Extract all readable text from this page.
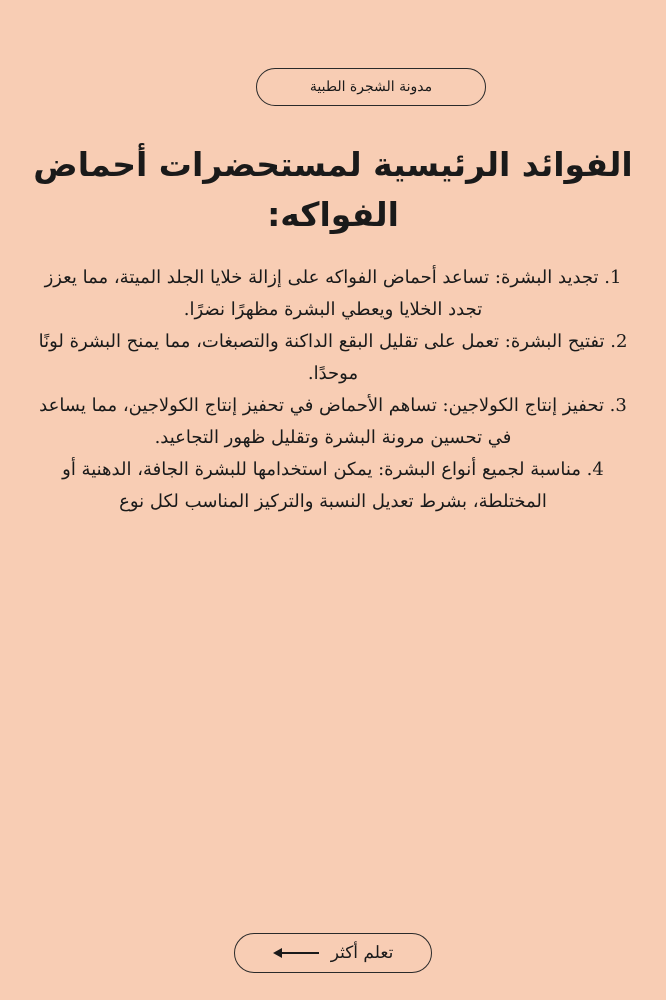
مدونة الشجرة الطبية
الفوائد الرئيسية لمستحضرات أحماض الفواكه:
1. تجديد البشرة: تساعد أحماض الفواكه على إزالة خلايا الجلد الميتة، مما يعزز تجدد الخلايا ويعطي البشرة مظهرًا نضرًا.
2. تفتيح البشرة: تعمل على تقليل البقع الداكنة والتصبغات، مما يمنح البشرة لونًا موحدًا.
3. تحفيز إنتاج الكولاجين: تساهم الأحماض في تحفيز إنتاج الكولاجين، مما يساعد في تحسين مرونة البشرة وتقليل ظهور التجاعيد.
4. مناسبة لجميع أنواع البشرة: يمكن استخدامها للبشرة الجافة، الدهنية أو المختلطة، بشرط تعديل النسبة والتركيز المناسب لكل نوع
تعلم أكثر
